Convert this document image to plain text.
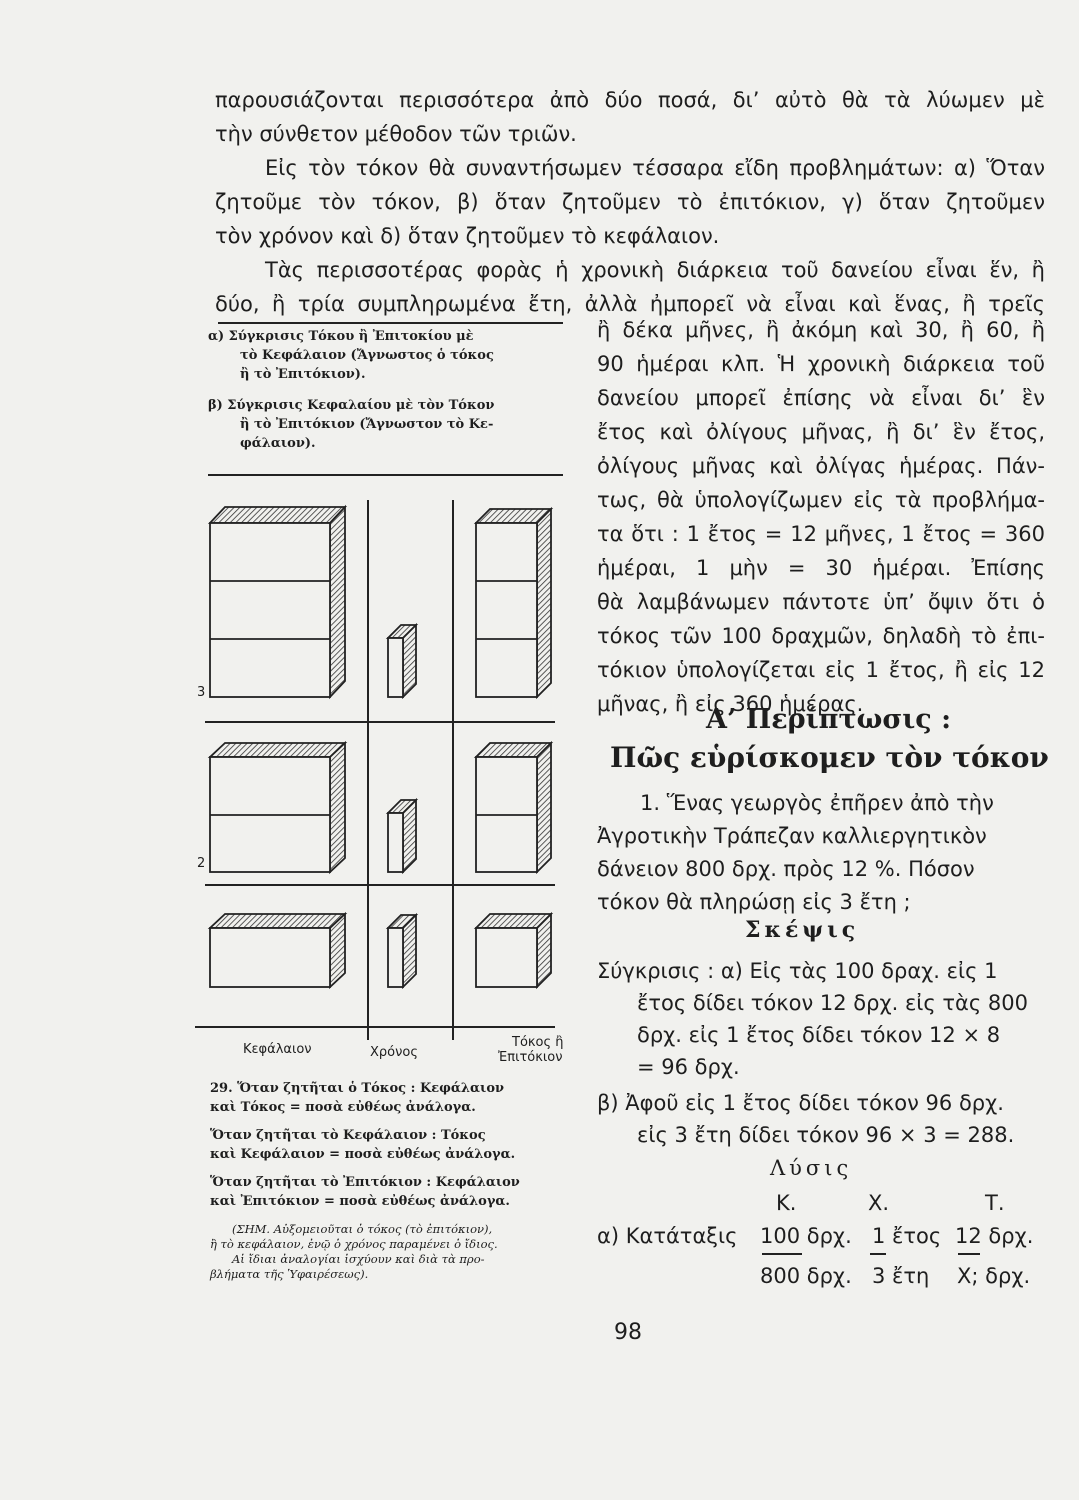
παρουσιάζονται περισσότερα ἀπὸ δύο ποσά, δι’ αὐτὸ θὰ τὰ λύωμεν μὲ
τὴν σύνθετον μέθοδον τῶν τριῶν.
Εἰς τὸν τόκον θὰ συναντήσωμεν τέσσαρα εἴδη προβλημάτων: α) Ὅταν
ζητοῦμε τὸν τόκον, β) ὅταν ζητοῦμεν τὸ ἐπιτόκιον, γ) ὅταν ζητοῦμεν
τὸν χρόνον καὶ δ) ὅταν ζητοῦμεν τὸ κεφάλαιον.
Τὰς περισσοτέρας φορὰς ἡ χρονικὴ διάρκεια τοῦ δανείου εἶναι ἕν, ἢ
δύο, ἢ τρία συμπληρωμένα ἔτη, ἀλλὰ ἠμπορεῖ νὰ εἶναι καὶ ἕνας, ἢ τρεῖς
α) Σύγκρισις Τόκου ἢ Ἐπιτοκίου μὲ
τὸ Κεφάλαιον (Ἄγνωστος ὁ τόκος
ἢ τὸ Ἐπιτόκιον).
β) Σύγκρισις Κεφαλαίου μὲ τὸν Τόκον
ἢ τὸ Ἐπιτόκιον (Ἄγνωστον τὸ Κε-
φάλαιον).
3
2
Κεφάλαιον	Χρόνος
Τόκος ἢ
Ἐπιτόκιον
29. Ὅταν ζητῆται ὁ Τόκος : Κεφάλαιον
καὶ Τόκος = ποσὰ εὐθέως ἀνάλογα.
Ὅταν ζητῆται τὸ Κεφάλαιον : Τόκος
καὶ Κεφάλαιον = ποσὰ εὐθέως ἀνάλογα.
Ὅταν ζητῆται τὸ Ἐπιτόκιον : Κεφάλαιον
καὶ Ἐπιτόκιον = ποσὰ εὐθέως ἀνάλογα.
(ΣΗΜ. Αὐξομειοῦται ὁ τόκος (τὸ ἐπιτόκιον),
ἢ τὸ κεφάλαιον, ἐνῷ ὁ χρόνος παραμένει ὁ ἴδιος.
Αἱ ἴδιαι ἀναλογίαι ἰσχύουν καὶ διὰ τὰ προ-
βλήματα τῆς Ὑφαιρέσεως).
ἢ δέκα μῆνες, ἢ ἀκόμη καὶ 30, ἢ 60, ἢ
90 ἡμέραι κλπ. Ἡ χρονικὴ διάρκεια τοῦ
δανείου μπορεῖ ἐπίσης νὰ εἶναι δι’ ἓν
ἔτος καὶ ὀλίγους μῆνας, ἢ δι’ ἓν ἔτος,
ὀλίγους μῆνας καὶ ὀλίγας ἡμέρας. Πάν-
τως, θὰ ὑπολογίζωμεν εἰς τὰ προβλήμα-
τα ὅτι : 1 ἔτος = 12 μῆνες, 1 ἔτος = 360
ἡμέραι, 1 μὴν = 30 ἡμέραι. Ἐπίσης
θὰ λαμβάνωμεν πάντοτε ὑπ’ ὄψιν ὅτι ὁ
τόκος τῶν 100 δραχμῶν, δηλαδὴ τὸ ἐπι-
τόκιον ὑπολογίζεται εἰς 1 ἔτος, ἢ εἰς 12
μῆνας, ἢ εἰς 360 ἡμέρας.
Α’ Περίπτωσις :
Πῶς εὑρίσκομεν τὸν τόκον
1. Ἕνας γεωργὸς ἐπῆρεν ἀπὸ τὴν
Ἀγροτικὴν Τράπεζαν καλλιεργητικὸν
δάνειον 800 δρχ. πρὸς 12 %. Πόσον
τόκον θὰ πληρώσῃ εἰς 3 ἔτη ;
Σκέψις
Σύγκρισις : α) Εἰς τὰς 100 δραχ. εἰς 1
ἔτος δίδει τόκον 12 δρχ. εἰς τὰς 800
δρχ. εἰς 1 ἔτος δίδει τόκον 12 × 8
= 96 δρχ.
β) Ἀφοῦ εἰς 1 ἔτος δίδει τόκον 96 δρχ.
εἰς 3 ἔτη δίδει τόκον 96 × 3 = 288.
Λύσις
Κ.	Χ.	Τ.
α) Κατάταξις 100 δρχ. 1 ἔτος 12 δρχ.
800 δρχ. 3 ἔτη Χ; δρχ.
98
